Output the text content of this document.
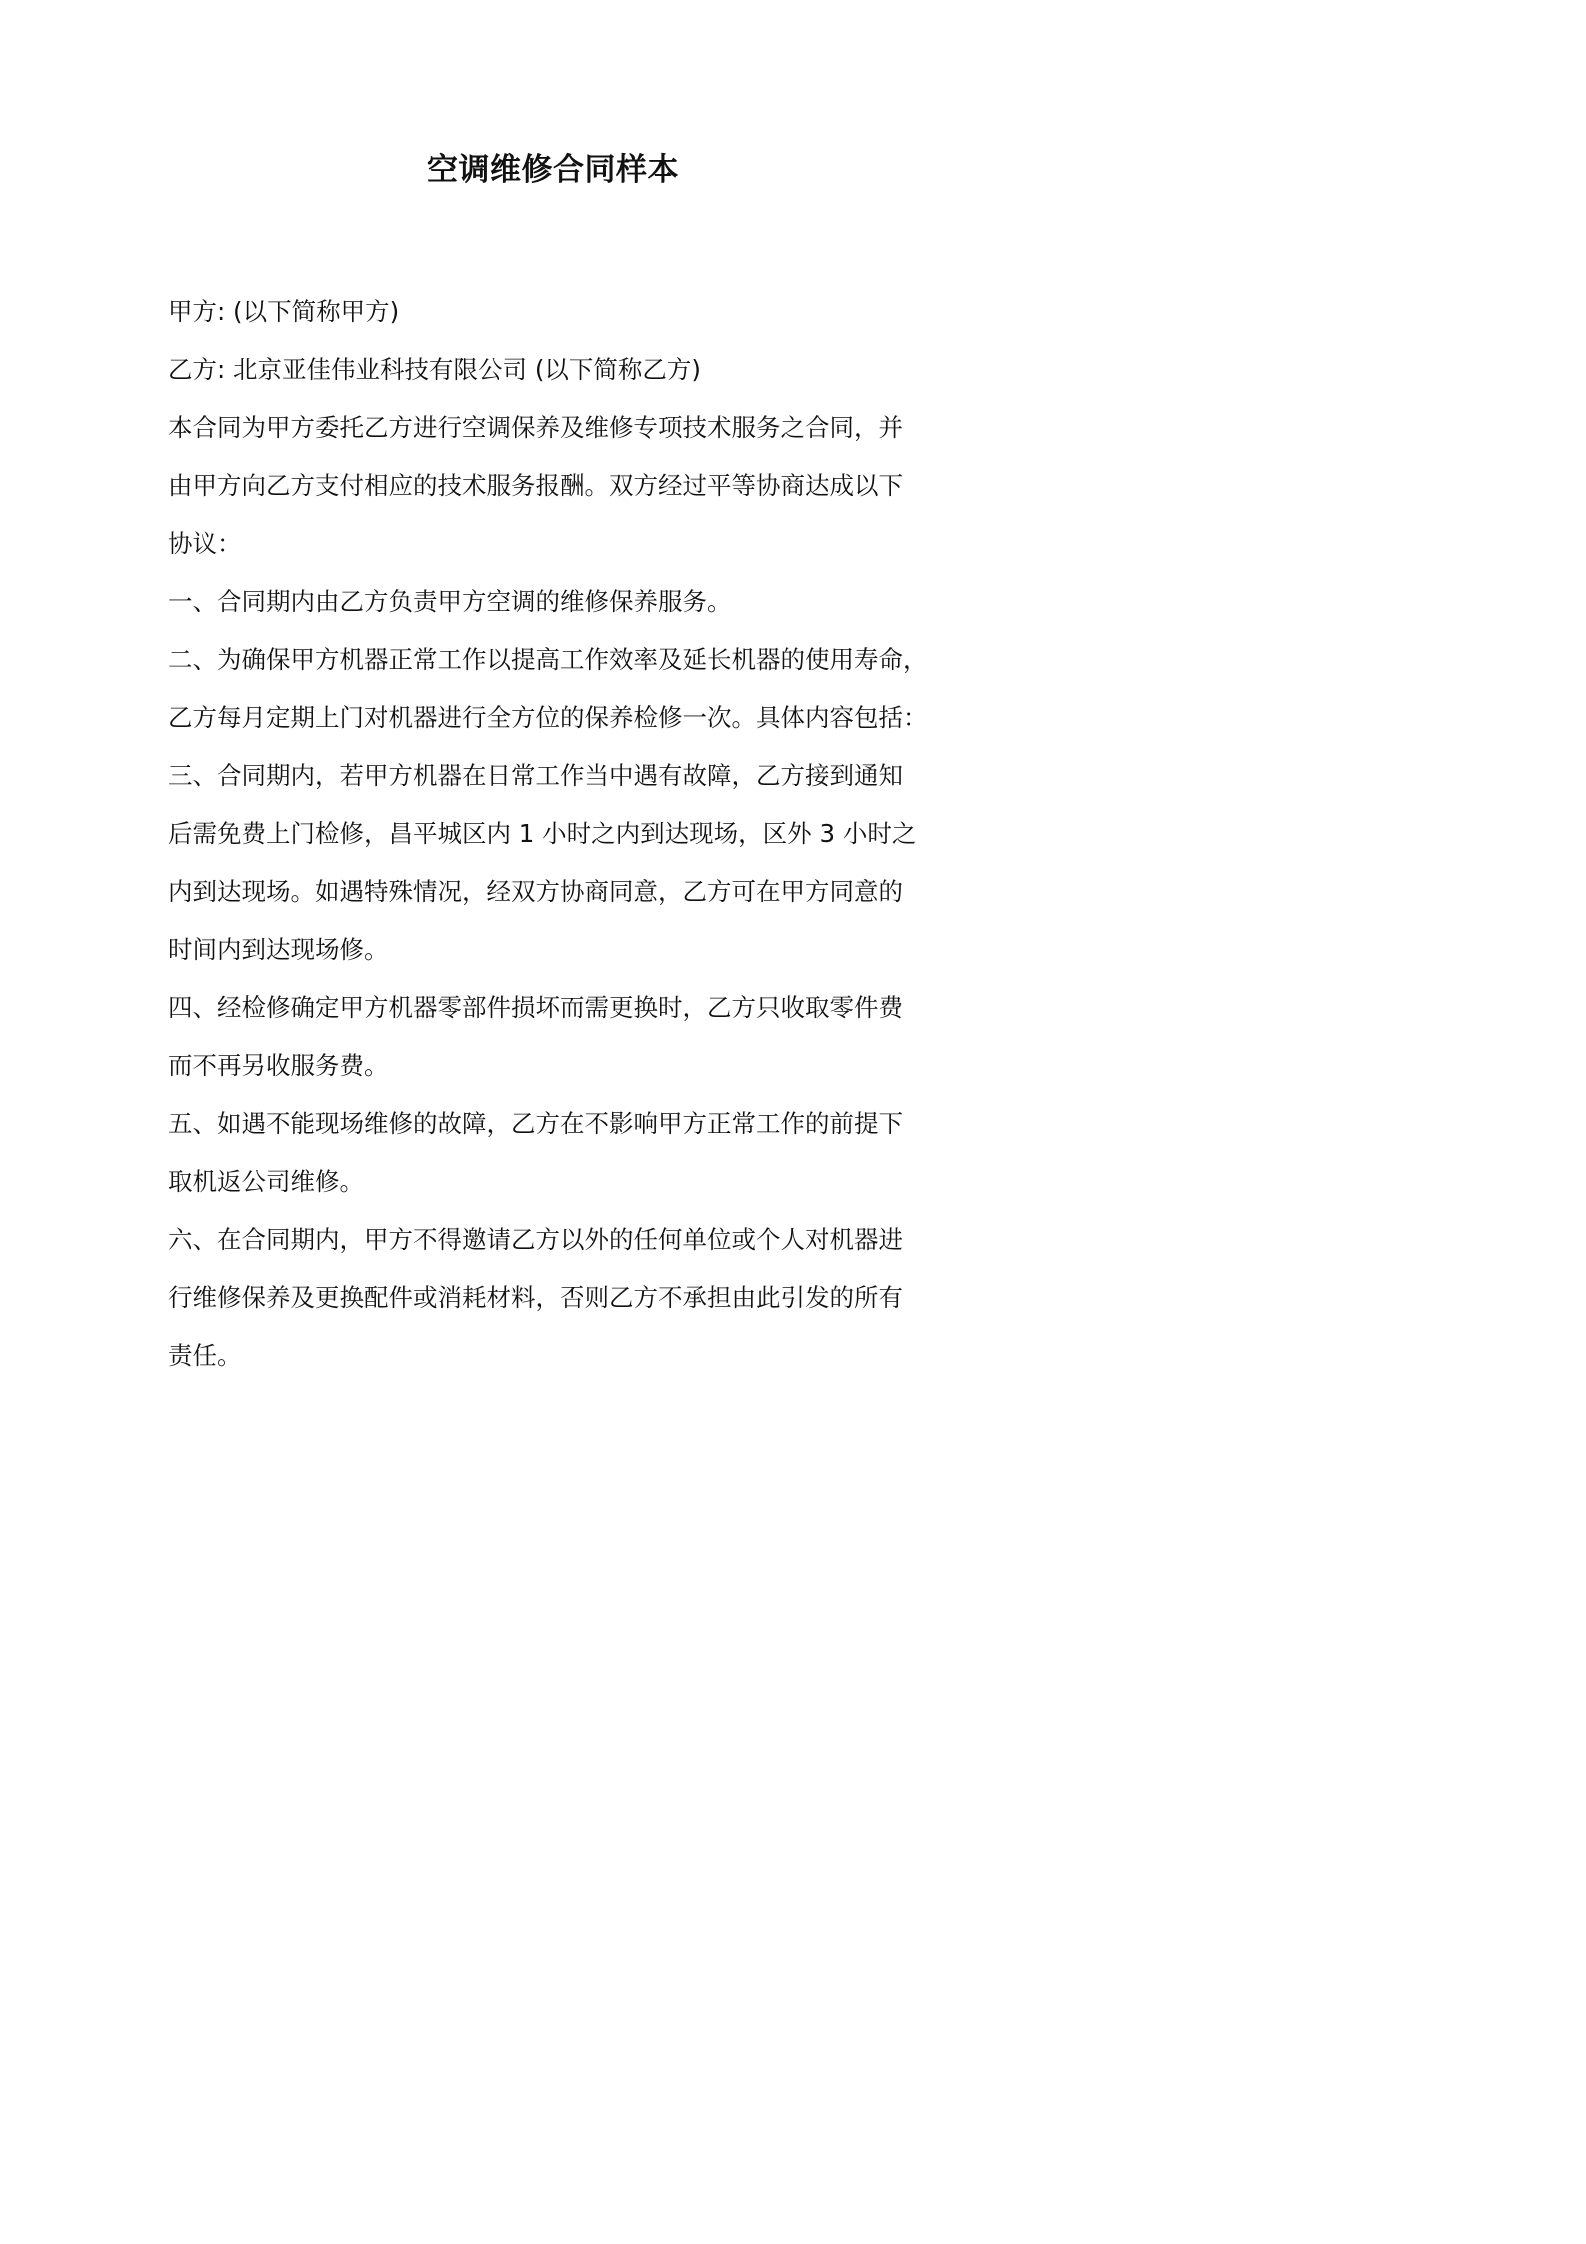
空调维修合同样本
甲方: (以下简称甲方)
乙方: 北京亚佳伟业科技有限公司 (以下简称乙方)
本合同为甲方委托乙方进行空调保养及维修专项技术服务之合同，并
由甲方向乙方支付相应的技术服务报酬。双方经过平等协商达成以下
协议：
一、合同期内由乙方负责甲方空调的维修保养服务。
二、为确保甲方机器正常工作以提高工作效率及延长机器的使用寿命，
乙方每月定期上门对机器进行全方位的保养检修一次。具体内容包括：
三、合同期内，若甲方机器在日常工作当中遇有故障，乙方接到通知
后需免费上门检修，昌平城区内 1 小时之内到达现场，区外 3 小时之
内到达现场。如遇特殊情况，经双方协商同意，乙方可在甲方同意的
时间内到达现场修。
四、经检修确定甲方机器零部件损坏而需更换时，乙方只收取零件费
而不再另收服务费。
五、如遇不能现场维修的故障，乙方在不影响甲方正常工作的前提下
取机返公司维修。
六、在合同期内，甲方不得邀请乙方以外的任何单位或个人对机器进
行维修保养及更换配件或消耗材料，否则乙方不承担由此引发的所有
责任。
